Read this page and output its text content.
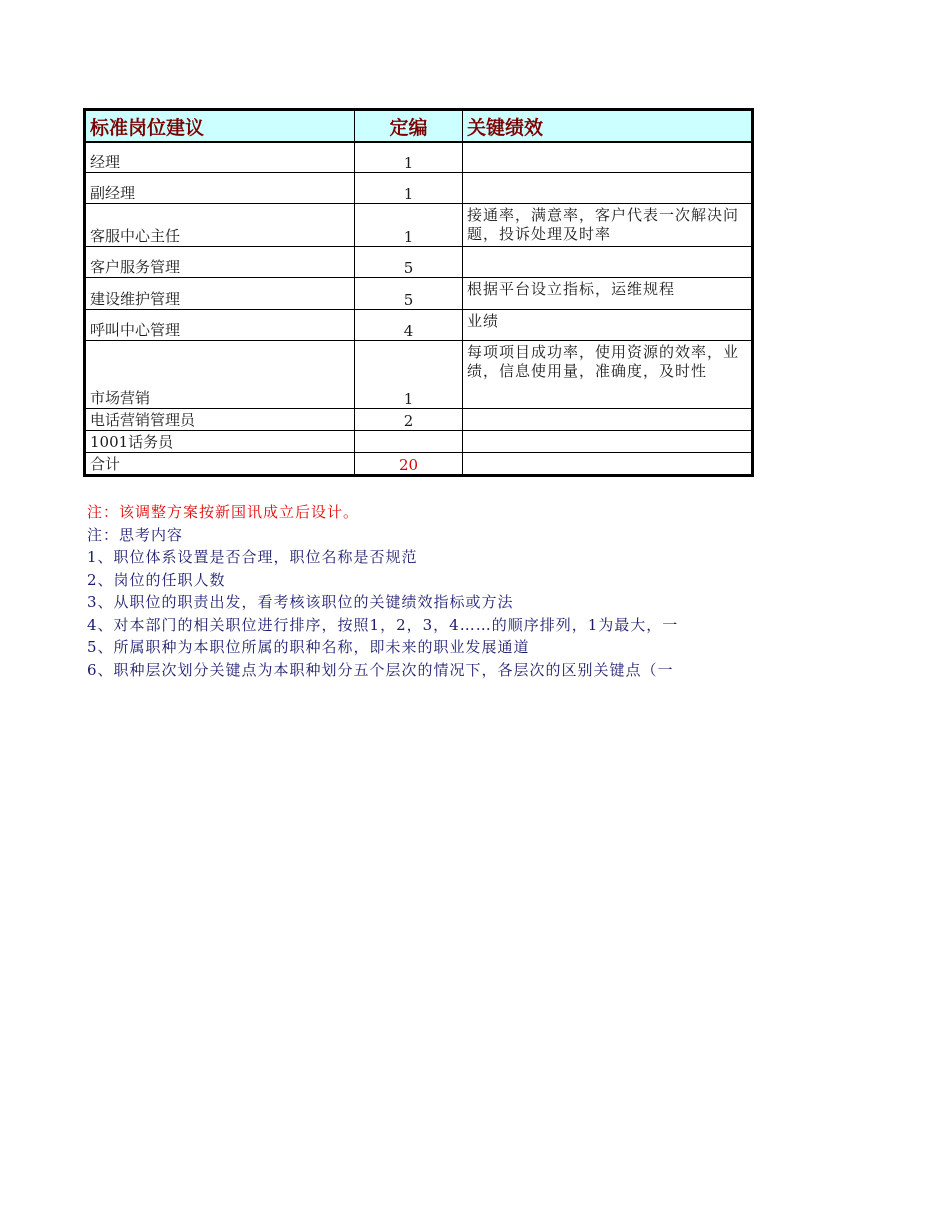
标准岗位建议	定编	关键绩效
经理	1	
副经理	1	
客服中心主任	1	接通率，满意率，客户代表一次解决问题，投诉处理及时率
客户服务管理	5	
建设维护管理	5	根据平台设立指标，运维规程
呼叫中心管理	4	业绩
市场营销	1	每项项目成功率，使用资源的效率，业绩，信息使用量，准确度，及时性
电话营销管理员	2	
1001话务员		
合计	20	
注：该调整方案按新国讯成立后设计。
注：思考内容
1、职位体系设置是否合理，职位名称是否规范
2、岗位的任职人数
3、从职位的职责出发，看考核该职位的关键绩效指标或方法
4、对本部门的相关职位进行排序，按照1，2，3，4……的顺序排列，1为最大，一
5、所属职种为本职位所属的职种名称，即未来的职业发展通道
6、职种层次划分关键点为本职种划分五个层次的情况下，各层次的区别关键点（一
